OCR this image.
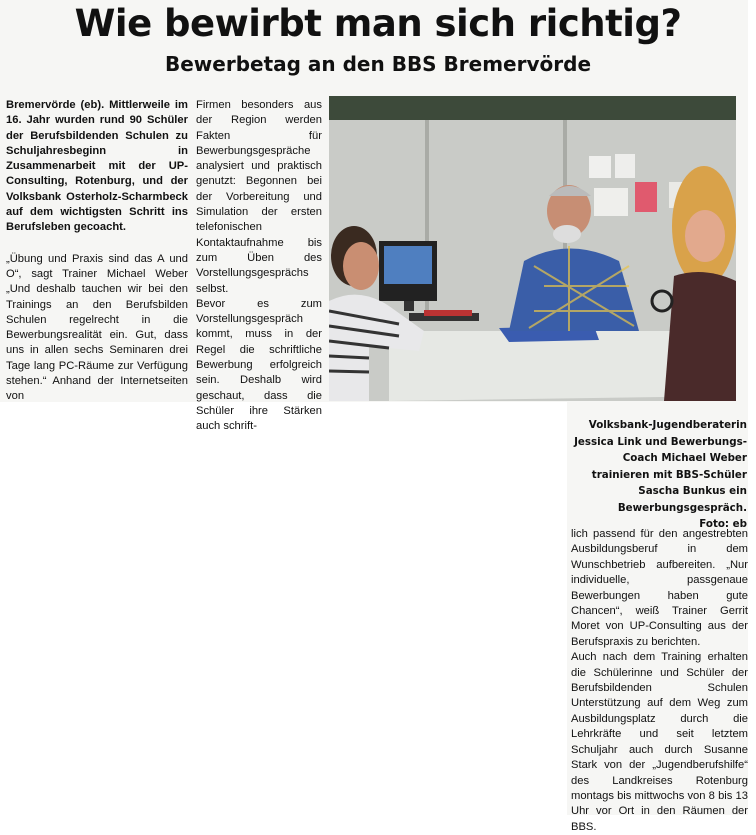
Wie bewirbt man sich richtig?
Bewerbetag an den BBS Bremervörde

Bremervörde (eb). Mittlerweile im 16. Jahr wurden rund 90 Schüler der Berufsbildenden Schulen zu Schuljahresbeginn in Zusammenarbeit mit der UP-Consulting, Rotenburg, und der Volksbank Osterholz-Scharmbeck auf dem wichtigsten Schritt ins Berufsleben gecoacht.

„Übung und Praxis sind das A und O“, sagt Trainer Michael Weber „Und deshalb tauchen wir bei den Trainings an den Berufsbilden Schulen regelrecht in die Bewerbungsrealität ein. Gut, dass uns in allen sechs Seminaren drei Tage lang PC-Räume zur Verfügung stehen.“ Anhand der Internetseiten von

Firmen besonders aus der Region werden Fakten für Bewerbungsgespräche analysiert und praktisch genutzt: Begonnen bei der Vorbereitung und Simulation der ersten telefonischen Kontaktaufnahme bis zum Üben des Vorstellungsgesprächs selbst.

Bevor es zum Vorstellungsgespräch kommt, muss in der Regel die schriftliche Bewerbung erfolgreich sein. Deshalb wird geschaut, dass die Schüler ihre Stärken auch schrift-	Volksbank-Jugendberaterin Jessica Link und Bewerbungs-Coach Michael Weber trainieren mit BBS-Schüler Sascha Bunkus ein Bewerbungsgespräch.
Foto: eb

lich passend für den angestrebten Ausbildungsberuf in dem Wunschbetrieb aufbereiten. „Nur individuelle, passgenaue Bewerbungen haben gute Chancen“, weiß Trainer Gerrit Moret von UP-Consulting aus der Berufspraxis zu berichten.

Auch nach dem Training erhalten die Schülerinne und Schüler der Berufsbildenden Schulen Unterstützung auf dem Weg zum Ausbildungsplatz durch die Lehrkräfte und seit letztem Schuljahr auch durch Susanne Stark von der „Jugendberufshilfe“ des Landkreises Rotenburg montags bis mittwochs von 8 bis 13 Uhr vor Ort in den Räumen der BBS.
